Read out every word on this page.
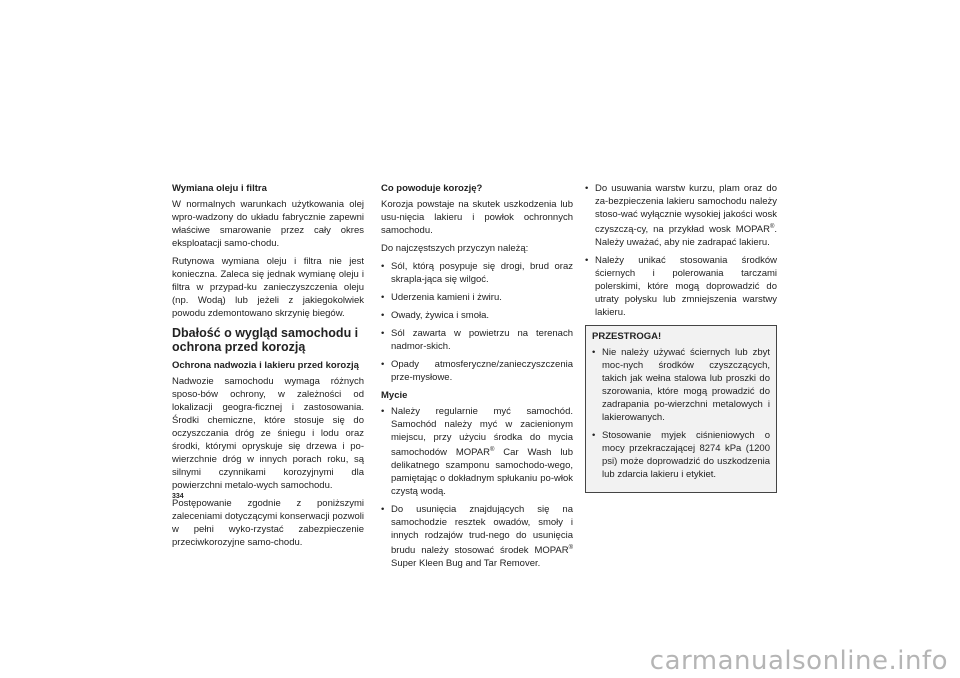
Wymiana oleju i filtra
W normalnych warunkach użytkowania olej wpro-wadzony do układu fabrycznie zapewni właściwe smarowanie przez cały okres eksploatacji samo-chodu.
Rutynowa wymiana oleju i filtra nie jest konieczna. Zaleca się jednak wymianę oleju i filtra w przypad-ku zanieczyszczenia oleju (np. Wodą) lub jeżeli z jakiegokolwiek powodu zdemontowano skrzynię biegów.
Dbałość o wygląd samochodu i ochrona przed korozją
Ochrona nadwozia i lakieru przed korozją
Nadwozie samochodu wymaga różnych sposo-bów ochrony, w zależności od lokalizacji geogra-ficznej i zastosowania. Środki chemiczne, które stosuje się do oczyszczania dróg ze śniegu i lodu oraz środki, którymi opryskuje się drzewa i po-wierzchnie dróg w innych porach roku, są silnymi czynnikami korozyjnymi dla powierzchni metalo-wych samochodu.
Postępowanie zgodnie z poniższymi zaleceniami dotyczącymi konserwacji pozwoli w pełni wyko-rzystać zabezpieczenie przeciwkorozyjne samo-chodu.
Co powoduje korozję?
Korozja powstaje na skutek uszkodzenia lub usu-nięcia lakieru i powłok ochronnych samochodu.
Do najczęstszych przyczyn należą:
• Sól, którą posypuje się drogi, brud oraz skrapla-jąca się wilgoć.
• Uderzenia kamieni i żwiru.
• Owady, żywica i smoła.
• Sól zawarta w powietrzu na terenach nadmor-skich.
• Opady atmosferyczne/zanieczyszczenia prze-mysłowe.
Mycie
• Należy regularnie myć samochód. Samochód należy myć w zacienionym miejscu, przy użyciu środka do mycia samochodów MOPAR® Car Wash lub delikatnego szamponu samochodo-wego, pamiętając o dokładnym spłukaniu po-włok czystą wodą.
• Do usunięcia znajdujących się na samochodzie resztek owadów, smoły i innych rodzajów trud-nego do usunięcia brudu należy stosować środek MOPAR® Super Kleen Bug and Tar Remover.
• Do usuwania warstw kurzu, plam oraz do za-bezpieczenia lakieru samochodu należy stoso-wać wyłącznie wysokiej jakości wosk czyszczą-cy, na przykład wosk MOPAR®. Należy uważać, aby nie zadrapać lakieru.
• Należy unikać stosowania środków ściernych i polerowania tarczami polerskimi, które mogą doprowadzić do utraty połysku lub zmniejszenia warstwy lakieru.
PRZESTROGA!
• Nie należy używać ściernych lub zbyt moc-nych środków czyszczących, takich jak wełna stalowa lub proszki do szorowania, które mogą prowadzić do zadrapania po-wierzchni metalowych i lakierowanych.
• Stosowanie myjek ciśnieniowych o mocy przekraczającej 8274 kPa (1200 psi) może doprowadzić do uszkodzenia lub zdarcia lakieru i etykiet.
334
carmanualsonline.info
